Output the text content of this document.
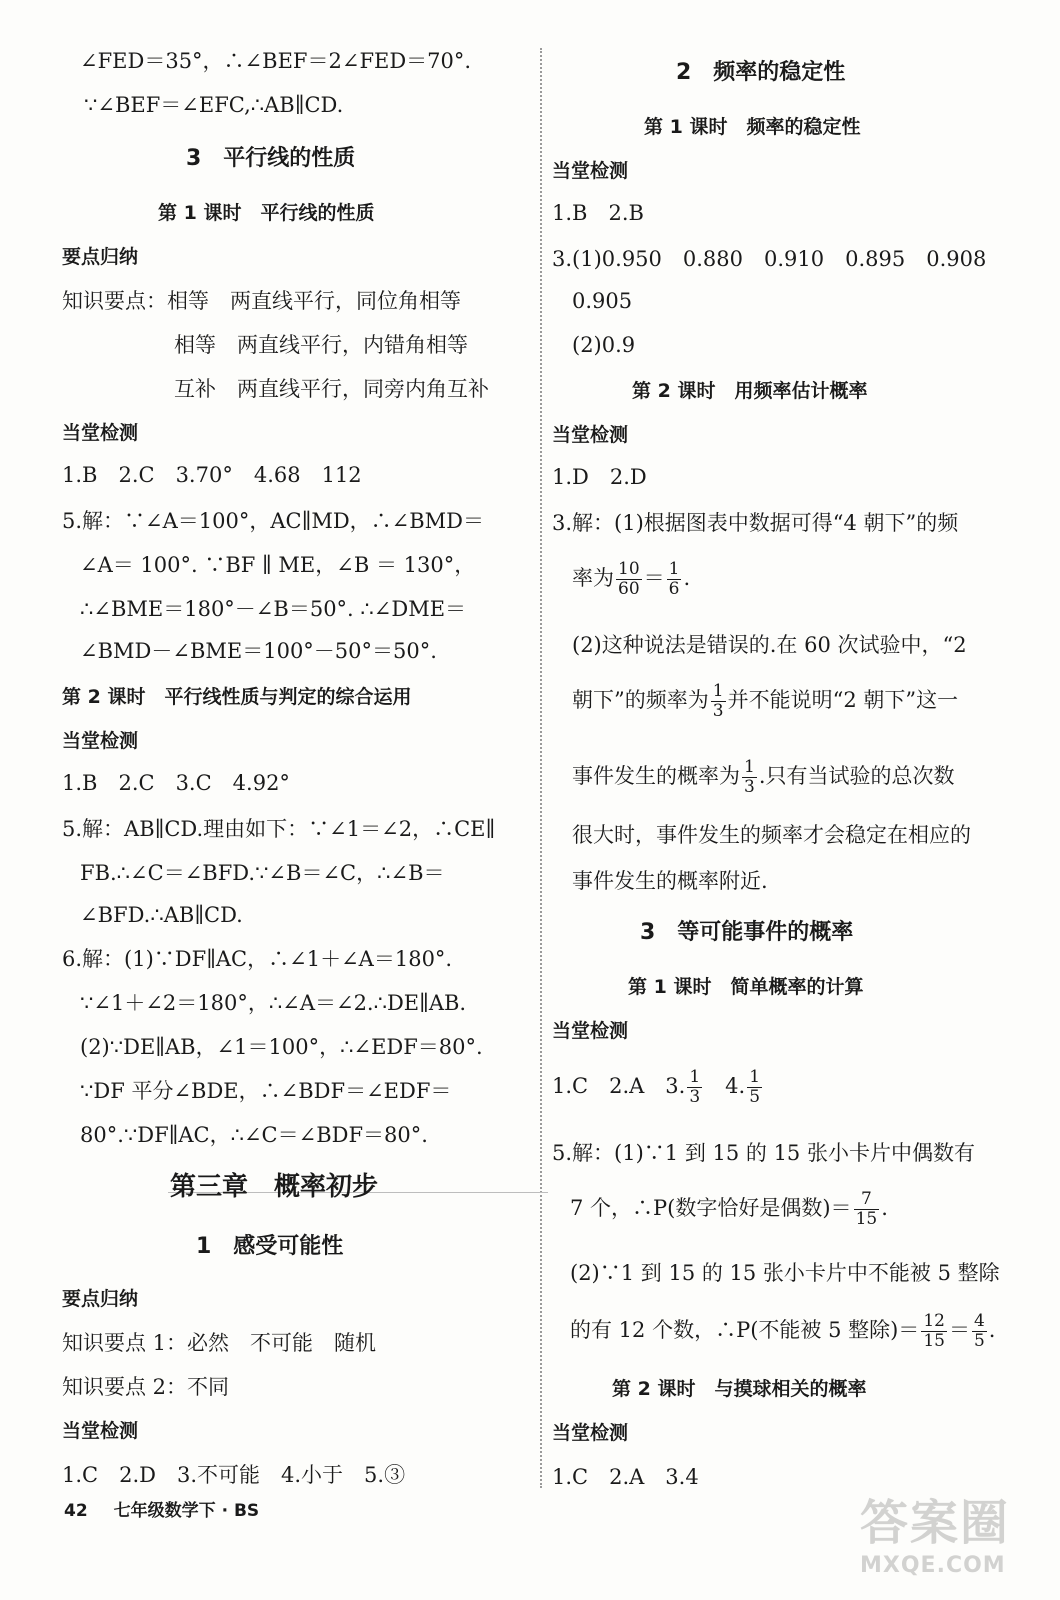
∠FED＝35°，∴∠BEF＝2∠FED＝70°.
∵∠BEF＝∠EFC,∴AB∥CD.
3　平行线的性质
第 1 课时　平行线的性质
要点归纳
知识要点：相等　两直线平行，同位角相等
相等　两直线平行，内错角相等
互补　两直线平行，同旁内角互补
当堂检测
1.B　2.C　3.70°　4.68　112
5.解：∵∠A＝100°，AC∥MD，∴∠BMD＝
∠A＝ 100°. ∵BF ∥ ME，∠B ＝ 130°，
∴∠BME＝180°－∠B＝50°. ∴∠DME＝
∠BMD－∠BME＝100°－50°＝50°.
第 2 课时　平行线性质与判定的综合运用
当堂检测
1.B　2.C　3.C　4.92°
5.解：AB∥CD.理由如下：∵∠1＝∠2，∴CE∥
FB.∴∠C＝∠BFD.∵∠B＝∠C，∴∠B＝
∠BFD.∴AB∥CD.
6.解：(1)∵DF∥AC，∴∠1＋∠A＝180°.
∵∠1＋∠2＝180°，∴∠A＝∠2.∴DE∥AB.
(2)∵DE∥AB，∠1＝100°，∴∠EDF＝80°.
∵DF 平分∠BDE，∴∠BDF＝∠EDF＝
80°.∵DF∥AC，∴∠C＝∠BDF＝80°.
第三章　概率初步
1　感受可能性
要点归纳
知识要点 1：必然　不可能　随机
知识要点 2：不同
当堂检测
1.C　2.D　3.不可能　4.小于　5.③
2　频率的稳定性
第 1 课时　频率的稳定性
当堂检测
1.B　2.B
3.(1)0.950　0.880　0.910　0.895　0.908
0.905
(2)0.9
第 2 课时　用频率估计概率
当堂检测
1.D　2.D
3.解：(1)根据图表中数据可得“4 朝下”的频
率为 $\frac{10}{60} = \frac{1}{6}$ .
(2)这种说法是错误的.在 60 次试验中，“2
朝下”的频率为 $\frac{1}{3}$ 并不能说明“2 朝下”这一
事件发生的概率为 $\frac{1}{3}$ .只有当试验的总次数
很大时，事件发生的频率才会稳定在相应的
事件发生的概率附近.
3　等可能事件的概率
第 1 课时　简单概率的计算
当堂检测
1.C　2.A　3. $\frac{1}{3}$ 　4. $\frac{1}{5}$
5.解：(1)∵1 到 15 的 15 张小卡片中偶数有
7 个，∴P(数字恰好是偶数)＝ $\frac{7}{15}$ .
(2)∵1 到 15 的 15 张小卡片中不能被 5 整除
的有 12 个数，∴P(不能被 5 整除)＝ $\frac{12}{15} = \frac{4}{5}$ .
第 2 课时　与摸球相关的概率
当堂检测
1.C　2.A　3.4
42 七年级数学下 · BS	答案圈
MXQE.COM
